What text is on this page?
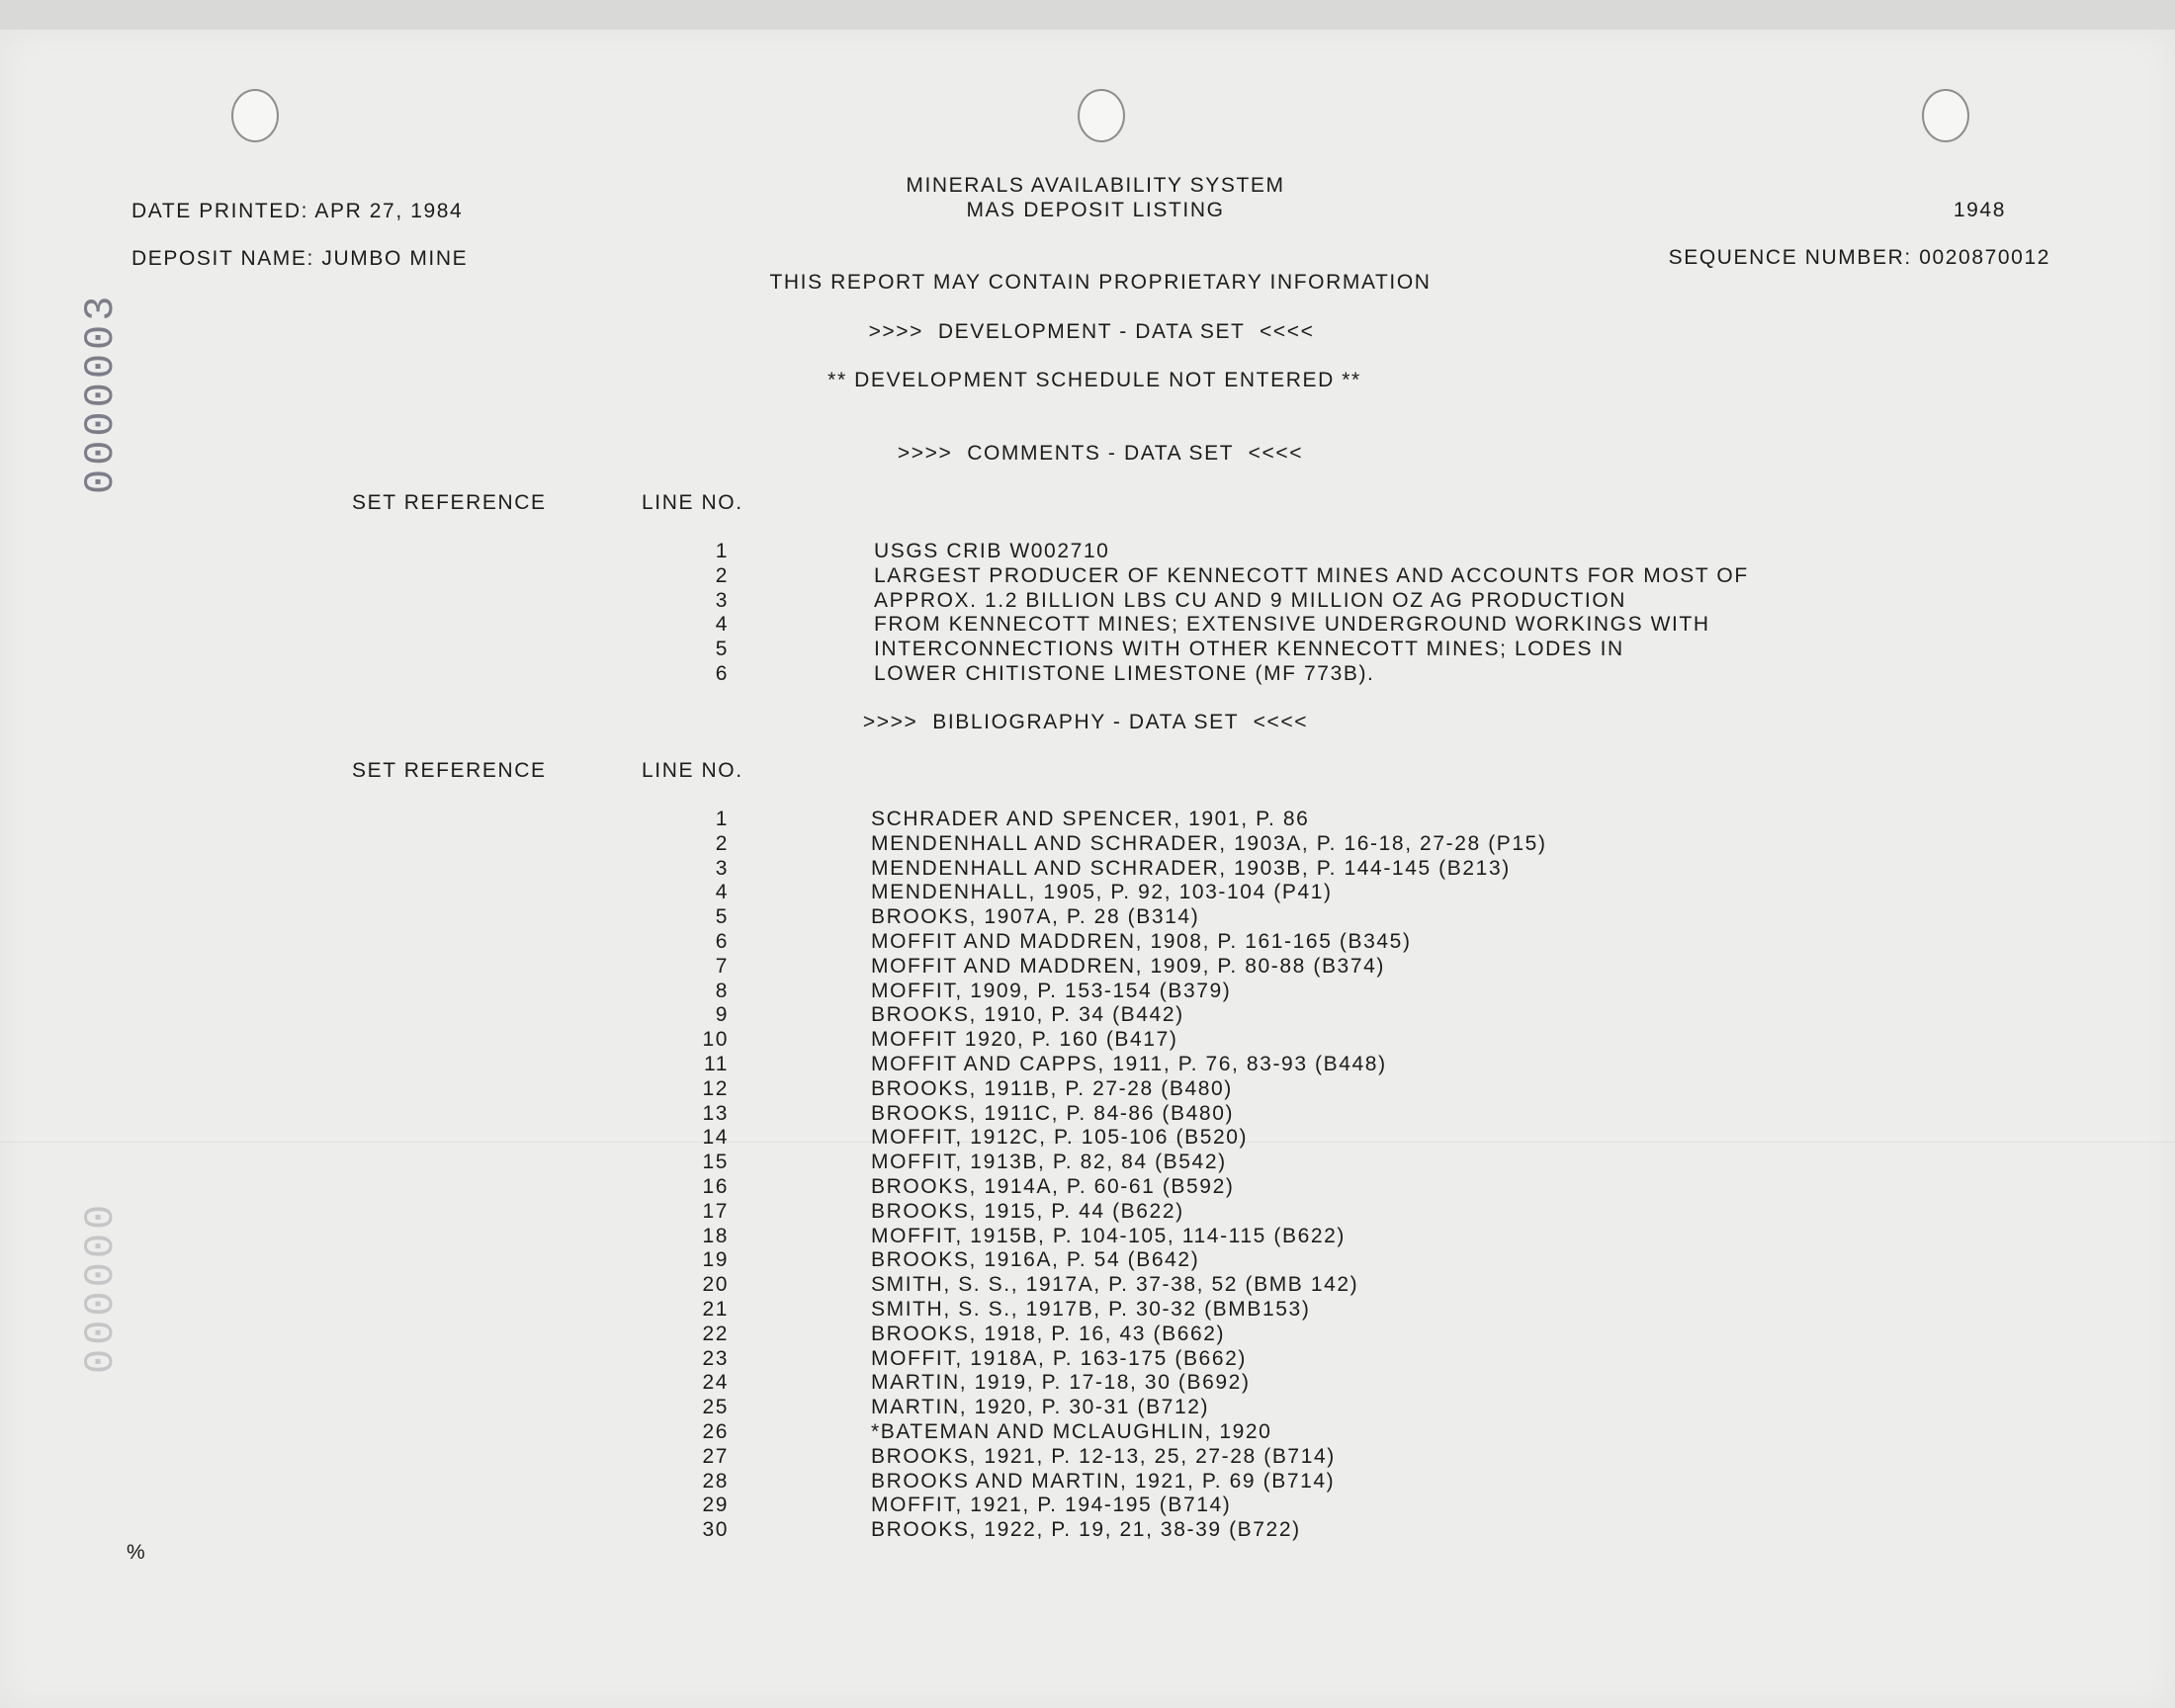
0000003
000000
DATE PRINTED: APR 27, 1984
MINERALS AVAILABILITY SYSTEM
MAS DEPOSIT LISTING	1948
DEPOSIT NAME: JUMBO MINE	SEQUENCE NUMBER: 0020870012
THIS REPORT MAY CONTAIN PROPRIETARY INFORMATION
>>>>  DEVELOPMENT - DATA SET  <<<<
** DEVELOPMENT SCHEDULE NOT ENTERED **
>>>>  COMMENTS - DATA SET  <<<<
SET REFERENCE	LINE NO.
1	USGS CRIB W002710
2	LARGEST PRODUCER OF KENNECOTT MINES AND ACCOUNTS FOR MOST OF
3	APPROX. 1.2 BILLION LBS CU AND 9 MILLION OZ AG PRODUCTION
4	FROM KENNECOTT MINES; EXTENSIVE UNDERGROUND WORKINGS WITH
5	INTERCONNECTIONS WITH OTHER KENNECOTT MINES; LODES IN
6	LOWER CHITISTONE LIMESTONE (MF 773B).
>>>>  BIBLIOGRAPHY - DATA SET  <<<<
SET REFERENCE	LINE NO.
1	SCHRADER AND SPENCER, 1901, P. 86
2	MENDENHALL AND SCHRADER, 1903A, P. 16-18, 27-28 (P15)
3	MENDENHALL AND SCHRADER, 1903B, P. 144-145 (B213)
4	MENDENHALL, 1905, P. 92, 103-104 (P41)
5	BROOKS, 1907A, P. 28 (B314)
6	MOFFIT AND MADDREN, 1908, P. 161-165 (B345)
7	MOFFIT AND MADDREN, 1909, P. 80-88 (B374)
8	MOFFIT, 1909, P. 153-154 (B379)
9	BROOKS, 1910, P. 34 (B442)
10	MOFFIT 1920, P. 160 (B417)
11	MOFFIT AND CAPPS, 1911, P. 76, 83-93 (B448)
12	BROOKS, 1911B, P. 27-28 (B480)
13	BROOKS, 1911C, P. 84-86 (B480)
14	MOFFIT, 1912C, P. 105-106 (B520)
15	MOFFIT, 1913B, P. 82, 84 (B542)
16	BROOKS, 1914A, P. 60-61 (B592)
17	BROOKS, 1915, P. 44 (B622)
18	MOFFIT, 1915B, P. 104-105, 114-115 (B622)
19	BROOKS, 1916A, P. 54 (B642)
20	SMITH, S. S., 1917A, P. 37-38, 52 (BMB 142)
21	SMITH, S. S., 1917B, P. 30-32 (BMB153)
22	BROOKS, 1918, P. 16, 43 (B662)
23	MOFFIT, 1918A, P. 163-175 (B662)
24	MARTIN, 1919, P. 17-18, 30 (B692)
25	MARTIN, 1920, P. 30-31 (B712)
26	*BATEMAN AND MCLAUGHLIN, 1920
27	BROOKS, 1921, P. 12-13, 25, 27-28 (B714)
28	BROOKS AND MARTIN, 1921, P. 69 (B714)
29	MOFFIT, 1921, P. 194-195 (B714)
30	BROOKS, 1922, P. 19, 21, 38-39 (B722)
%
